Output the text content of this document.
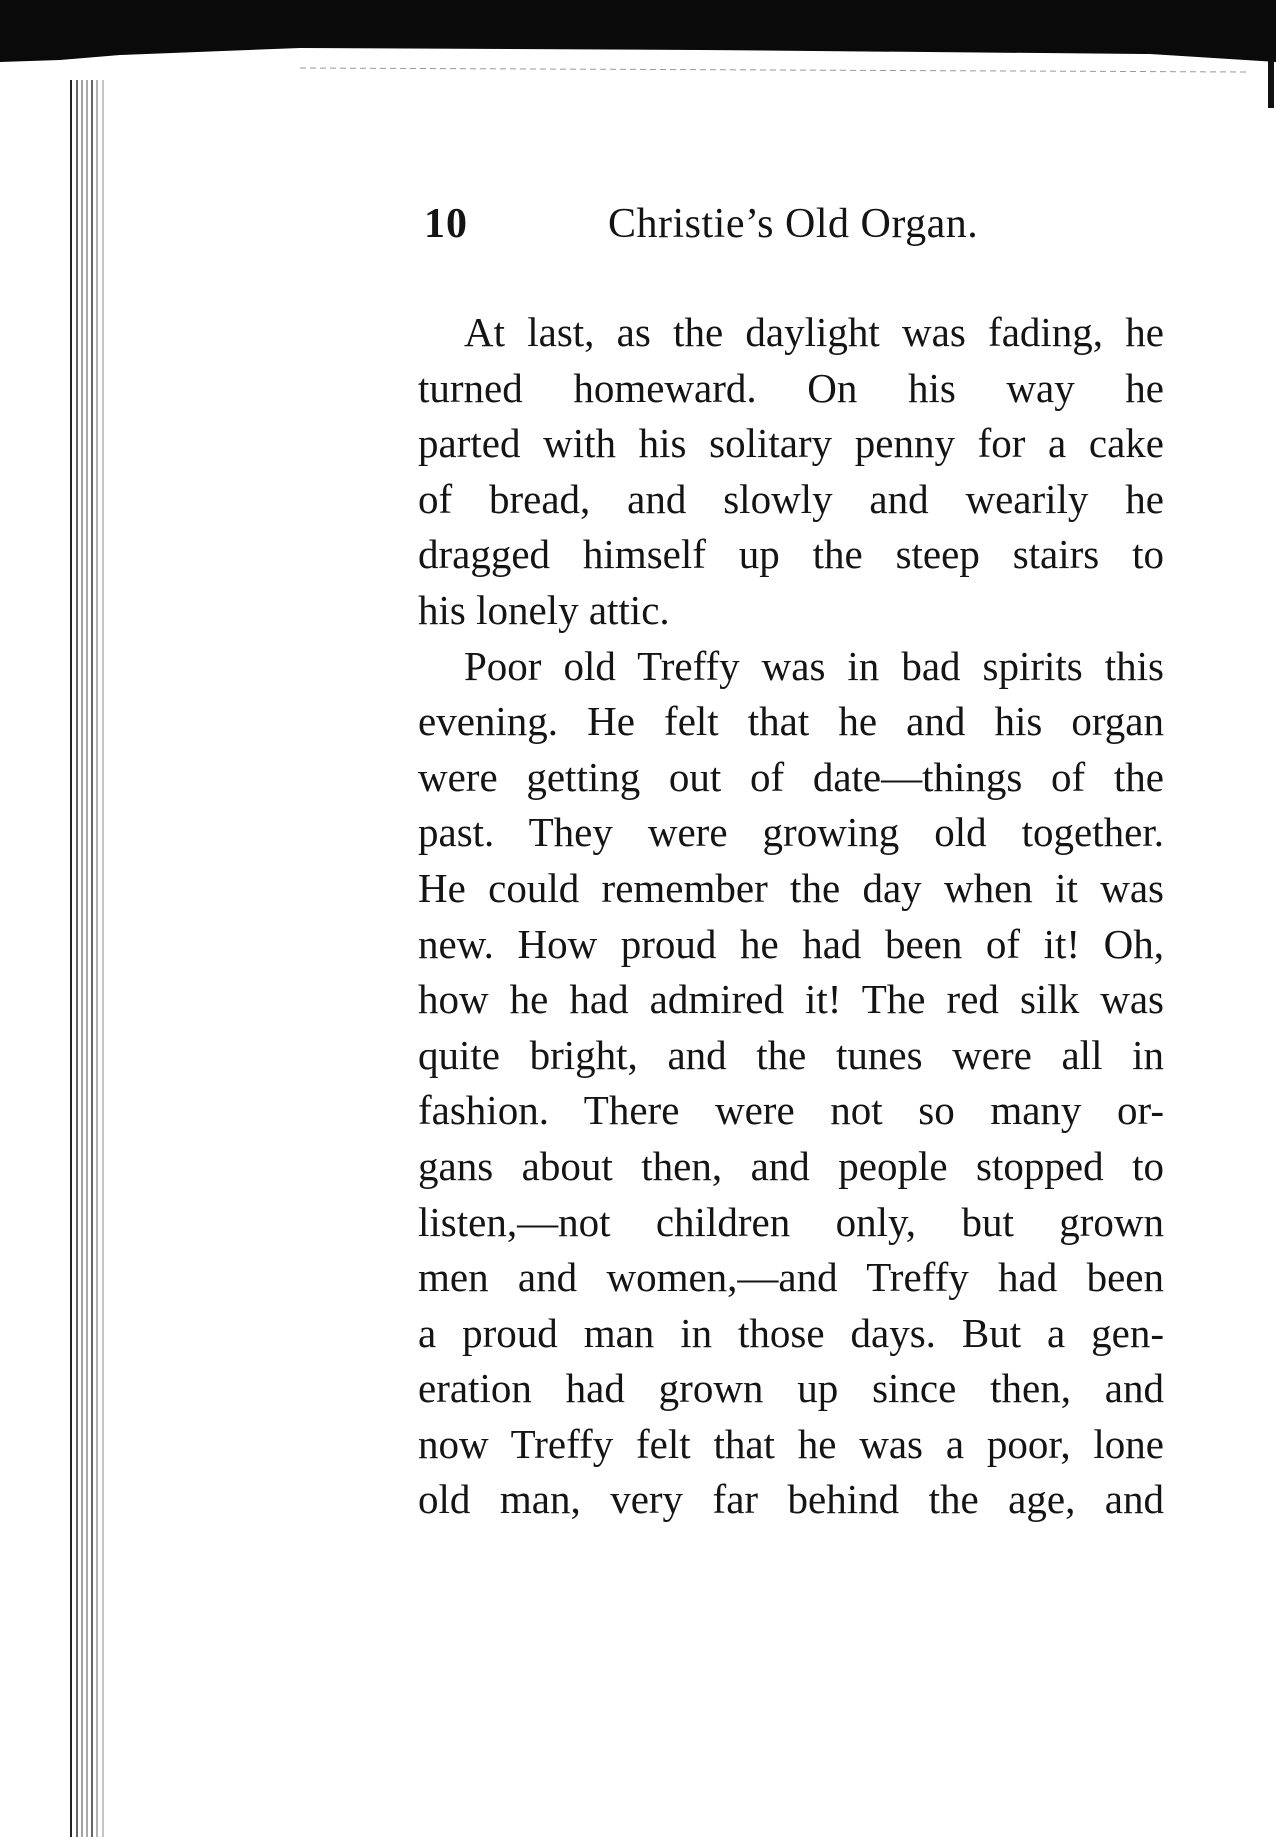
10	Christie’s Old Organ.
At last, as the daylight was fading, he
turned homeward. On his way he
parted with his solitary penny for a cake
of bread, and slowly and wearily he
dragged himself up the steep stairs to
his lonely attic.
Poor old Treffy was in bad spirits this
evening. He felt that he and his organ
were getting out of date—things of the
past. They were growing old together.
He could remember the day when it was
new. How proud he had been of it! Oh,
how he had admired it! The red silk was
quite bright, and the tunes were all in
fashion. There were not so many or-
gans about then, and people stopped to
listen,—not children only, but grown
men and women,—and Treffy had been
a proud man in those days. But a gen-
eration had grown up since then, and
now Treffy felt that he was a poor, lone
old man, very far behind the age, and
